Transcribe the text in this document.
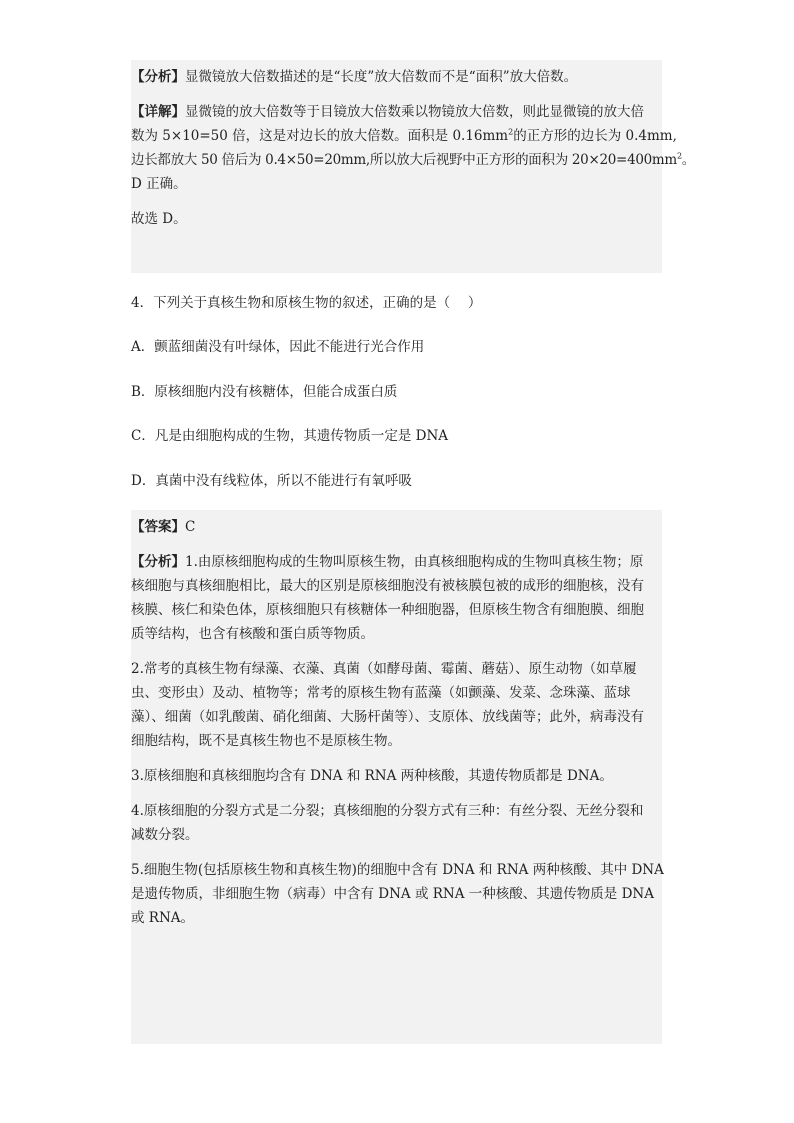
【分析】显微镜放大倍数描述的是“长度”放大倍数而不是“面积”放大倍数。
【详解】显微镜的放大倍数等于目镜放大倍数乘以物镜放大倍数，则此显微镜的放大倍
数为 5×10=50 倍，这是对边长的放大倍数。面积是 $0.16mm^2$的正方形的边长为 0.4mm,
边长都放大 50 倍后为 0.4×50=20mm,所以放大后视野中正方形的面积为 $20\times 20=400mm^2$。
D 正确。
故选 D。
4．下列关于真核生物和原核生物的叙述，正确的是（　 ）
A．颤蓝细菌没有叶绿体，因此不能进行光合作用
B．原核细胞内没有核糖体，但能合成蛋白质
C．凡是由细胞构成的生物，其遗传物质一定是 DNA
D．真菌中没有线粒体，所以不能进行有氧呼吸
【答案】C
【分析】1.由原核细胞构成的生物叫原核生物，由真核细胞构成的生物叫真核生物；原
核细胞与真核细胞相比，最大的区别是原核细胞没有被核膜包被的成形的细胞核，没有
核膜、核仁和染色体，原核细胞只有核糖体一种细胞器，但原核生物含有细胞膜、细胞
质等结构，也含有核酸和蛋白质等物质。
2.常考的真核生物有绿藻、衣藻、真菌（如酵母菌、霉菌、蘑菇）、原生动物（如草履
虫、变形虫）及动、植物等；常考的原核生物有蓝藻（如颤藻、发菜、念珠藻、蓝球
藻）、细菌（如乳酸菌、硝化细菌、大肠杆菌等）、支原体、放线菌等；此外，病毒没有
细胞结构，既不是真核生物也不是原核生物。
3.原核细胞和真核细胞均含有 DNA 和 RNA 两种核酸，其遗传物质都是 DNA。
4.原核细胞的分裂方式是二分裂；真核细胞的分裂方式有三种：有丝分裂、无丝分裂和
减数分裂。
5.细胞生物(包括原核生物和真核生物)的细胞中含有 DNA 和 RNA 两种核酸、其中 DNA
是遗传物质，非细胞生物（病毒）中含有 DNA 或 RNA 一种核酸、其遗传物质是 DNA
或 RNA。
